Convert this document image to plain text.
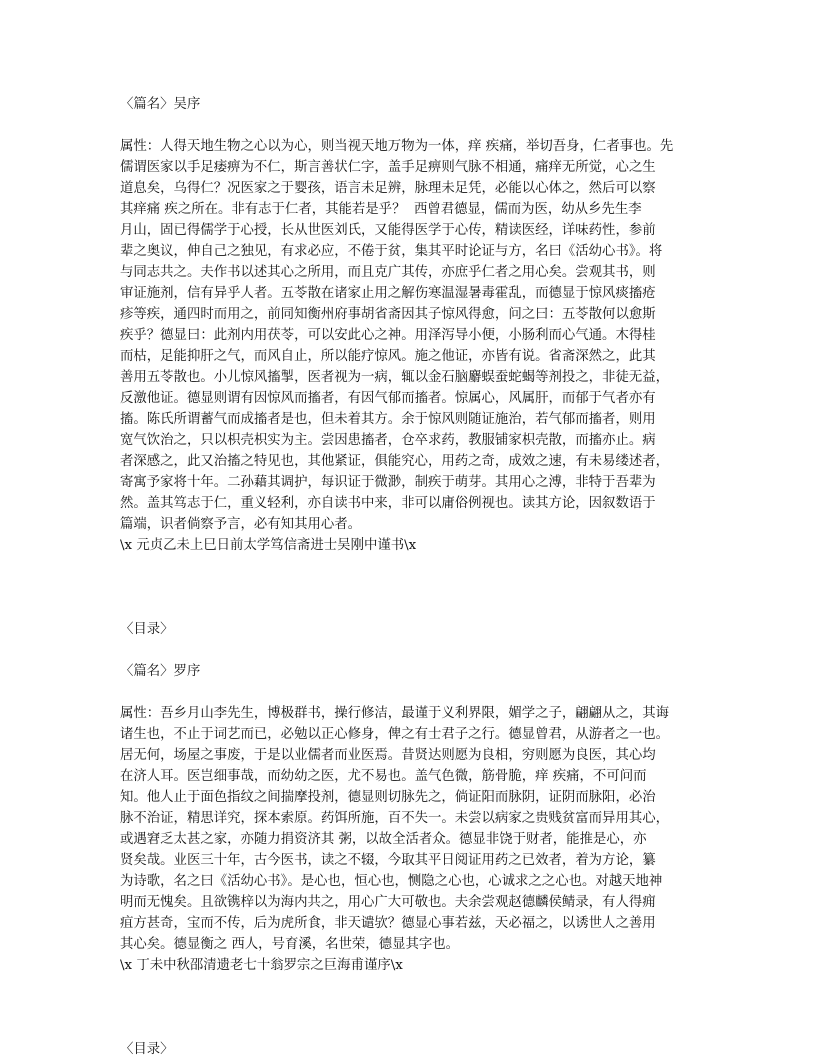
〈篇名〉吴序
属性：人得天地生物之心以为心，则当视天地万物为一体，痒 疾痛，举切吾身，仁者事也。先
儒谓医家以手足痿痹为不仁，斯言善状仁字，盖手足痹则气脉不相通，痛痒无所觉，心之生
道息矣，乌得仁？况医家之于婴孩，语言未足辨，脉理未足凭，必能以心体之，然后可以察
其痒痛 疾之所在。非有志于仁者，其能若是乎？  西曾君德显，儒而为医，幼从乡先生李
月山，固已得儒学于心授，长从世医刘氏，又能得医学于心传，精读医经，详味药性，参前
辈之奥议，伸自己之独见，有求必应，不倦于贫，集其平时论证与方，名曰《活幼心书》。将
与同志共之。夫作书以述其心之所用，而且克广其传，亦庶乎仁者之用心矣。尝观其书，则
审证施剂，信有异乎人者。五苓散在诸家止用之解伤寒温湿暑毒霍乱，而德显于惊风痰搐疮
疹等疾，通四时而用之，前同知衡州府事胡省斋因其子惊风得愈，问之曰：五苓散何以愈斯
疾乎？德显曰：此剂内用茯苓，可以安此心之神。用泽泻导小便，小肠利而心气通。木得桂
而枯，足能抑肝之气，而风自止，所以能疗惊风。施之他证，亦皆有说。省斋深然之，此其
善用五苓散也。小儿惊风搐掣，医者视为一病，辄以金石脑麝蜈蚕蛇蝎等剂投之，非徒无益，
反激他证。德显则谓有因惊风而搐者，有因气郁而搐者。惊属心，风属肝，而郁于气者亦有
搐。陈氏所谓蓄气而成搐者是也，但未着其方。余于惊风则随证施治，若气郁而搐者，则用
宽气饮治之，只以枳壳枳实为主。尝因患搐者，仓卒求药，教服铺家枳壳散，而搐亦止。病
者深感之，此又治搐之特见也，其他紧证，俱能究心，用药之奇，成效之速，有未易缕述者，
寄寓予家将十年。二孙藉其调护，每识证于微渺，制疾于萌芽。其用心之溥，非特于吾辈为
然。盖其笃志于仁，重义轻利，亦自读书中来，非可以庸俗例视也。读其方论，因叙数语于
篇端，识者倘察予言，必有知其用心者。
\x 元贞乙未上巳日前太学笃信斋进士吴刚中谨书\x
〈目录〉
〈篇名〉罗序
属性：吾乡月山李先生，博极群书，操行修洁，最谨于义利界限，媚学之子，翩翩从之，其诲
诸生也，不止于词艺而已，必勉以正心修身，俾之有士君子之行。德显曾君，从游者之一也。
居无何，场屋之事废，于是以业儒者而业医焉。昔贤达则愿为良相，穷则愿为良医，其心均
在济人耳。医岂细事哉，而幼幼之医，尤不易也。盖气色微，筋骨脆，痒 疾痛，不可问而
知。他人止于面色指纹之间揣摩投剂，德显则切脉先之，倘证阳而脉阴，证阴而脉阳，必治
脉不治证，精思详究，探本索原。药饵所施，百不失一。未尝以病家之贵贱贫富而异用其心，
或遇窘乏太甚之家，亦随力捐资济其 粥，以故全活者众。德显非饶于财者，能推是心，亦
贤矣哉。业医三十年，古今医书，读之不辍，今取其平日阅证用药之已效者，着为方论，纂
为诗歌，名之曰《活幼心书》。是心也，恒心也，恻隐之心也，心诚求之之心也。对越天地神
明而无愧矣。且欲镌梓以为海内共之，用心广大可敬也。夫余尝观赵德麟侯鲭录，有人得痈
疽方甚奇，宝而不传，后为虎所食，非天谴欤？德显心事若兹，天必福之，以诱世人之善用
其心矣。德显衡之 西人，号育溪，名世荣，德显其字也。
\x 丁未中秋邵清遗老七十翁罗宗之巨海甫谨序\x
〈目录〉
